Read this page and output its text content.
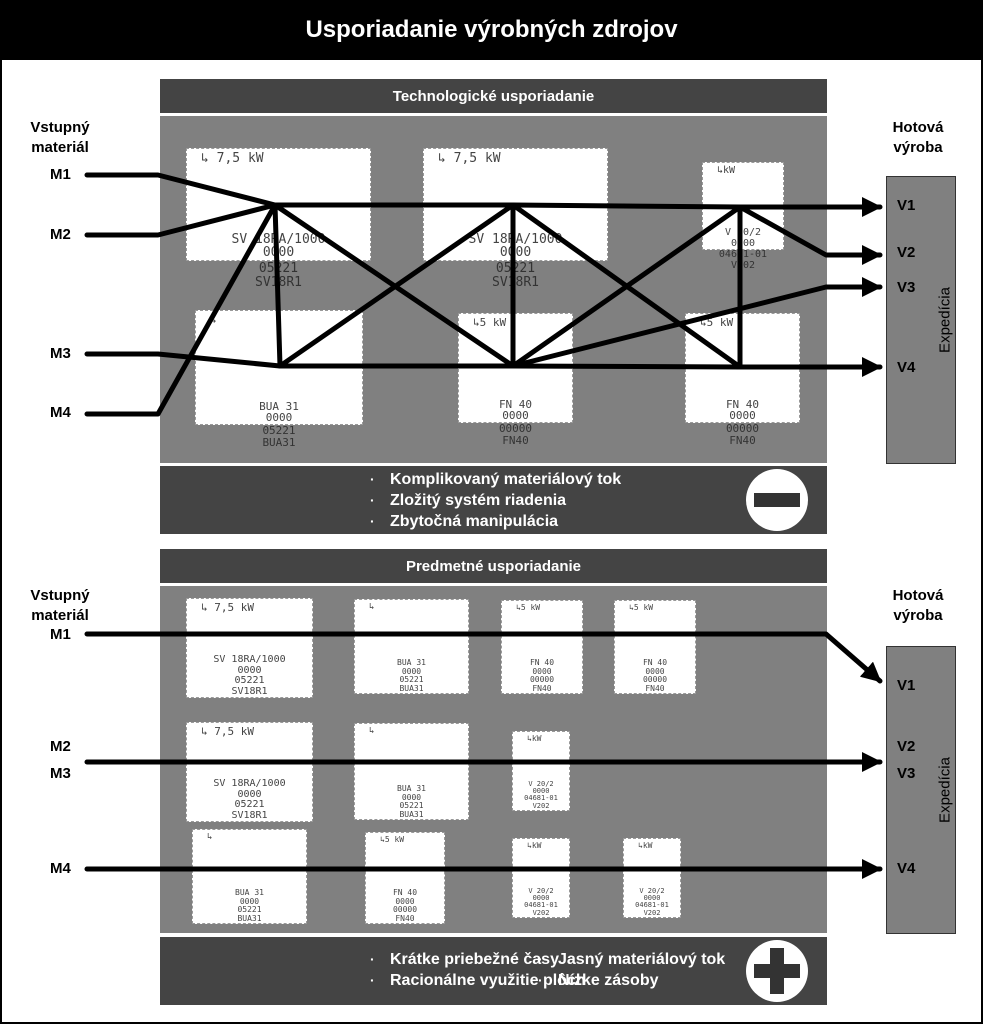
Usporiadanie výrobných zdrojov
Technologické usporiadanie
Vstupný
materiál
Hotová
výroba
M1
M2
M3
M4
Expedícia
V1
V2
V3
V4
↳ 7,5 kW
SV 18RA/1000
0000
05221
SV18R1
↳ 7,5 kW
SV 18RA/1000
0000
05221
SV18R1
↳kW
V 20/2
0000
04681-01
V202
↳
BUA 31
0000
05221
BUA31
↳5 kW
FN 40
0000
00000
FN40
↳5 kW
FN 40
0000
00000
FN40
· Komplikovaný materiálový tok
· Zložitý systém riadenia
· Zbytočná manipulácia
Predmetné usporiadanie
Vstupný
materiál
Hotová
výroba
M1
M2
M3
M4
Expedícia
V1
V2
V3
V4
↳ 7,5 kW
SV 18RA/1000
0000
05221
SV18R1
↳
BUA 31
0000
05221
BUA31
↳5 kW
FN 40
0000
00000
FN40
↳5 kW
FN 40
0000
00000
FN40
↳ 7,5 kW
SV 18RA/1000
0000
05221
SV18R1
↳
BUA 31
0000
05221
BUA31
↳kW
V 20/2
0000
04681-01
V202
↳
BUA 31
0000
05221
BUA31
↳5 kW
FN 40
0000
00000
FN40
↳kW
V 20/2
0000
04681-01
V202
↳kW
V 20/2
0000
04681-01
V202
· Krátke priebežné časy
· Racionálne využitie plôch
· Jasný materiálový tok
· Nízke zásoby
